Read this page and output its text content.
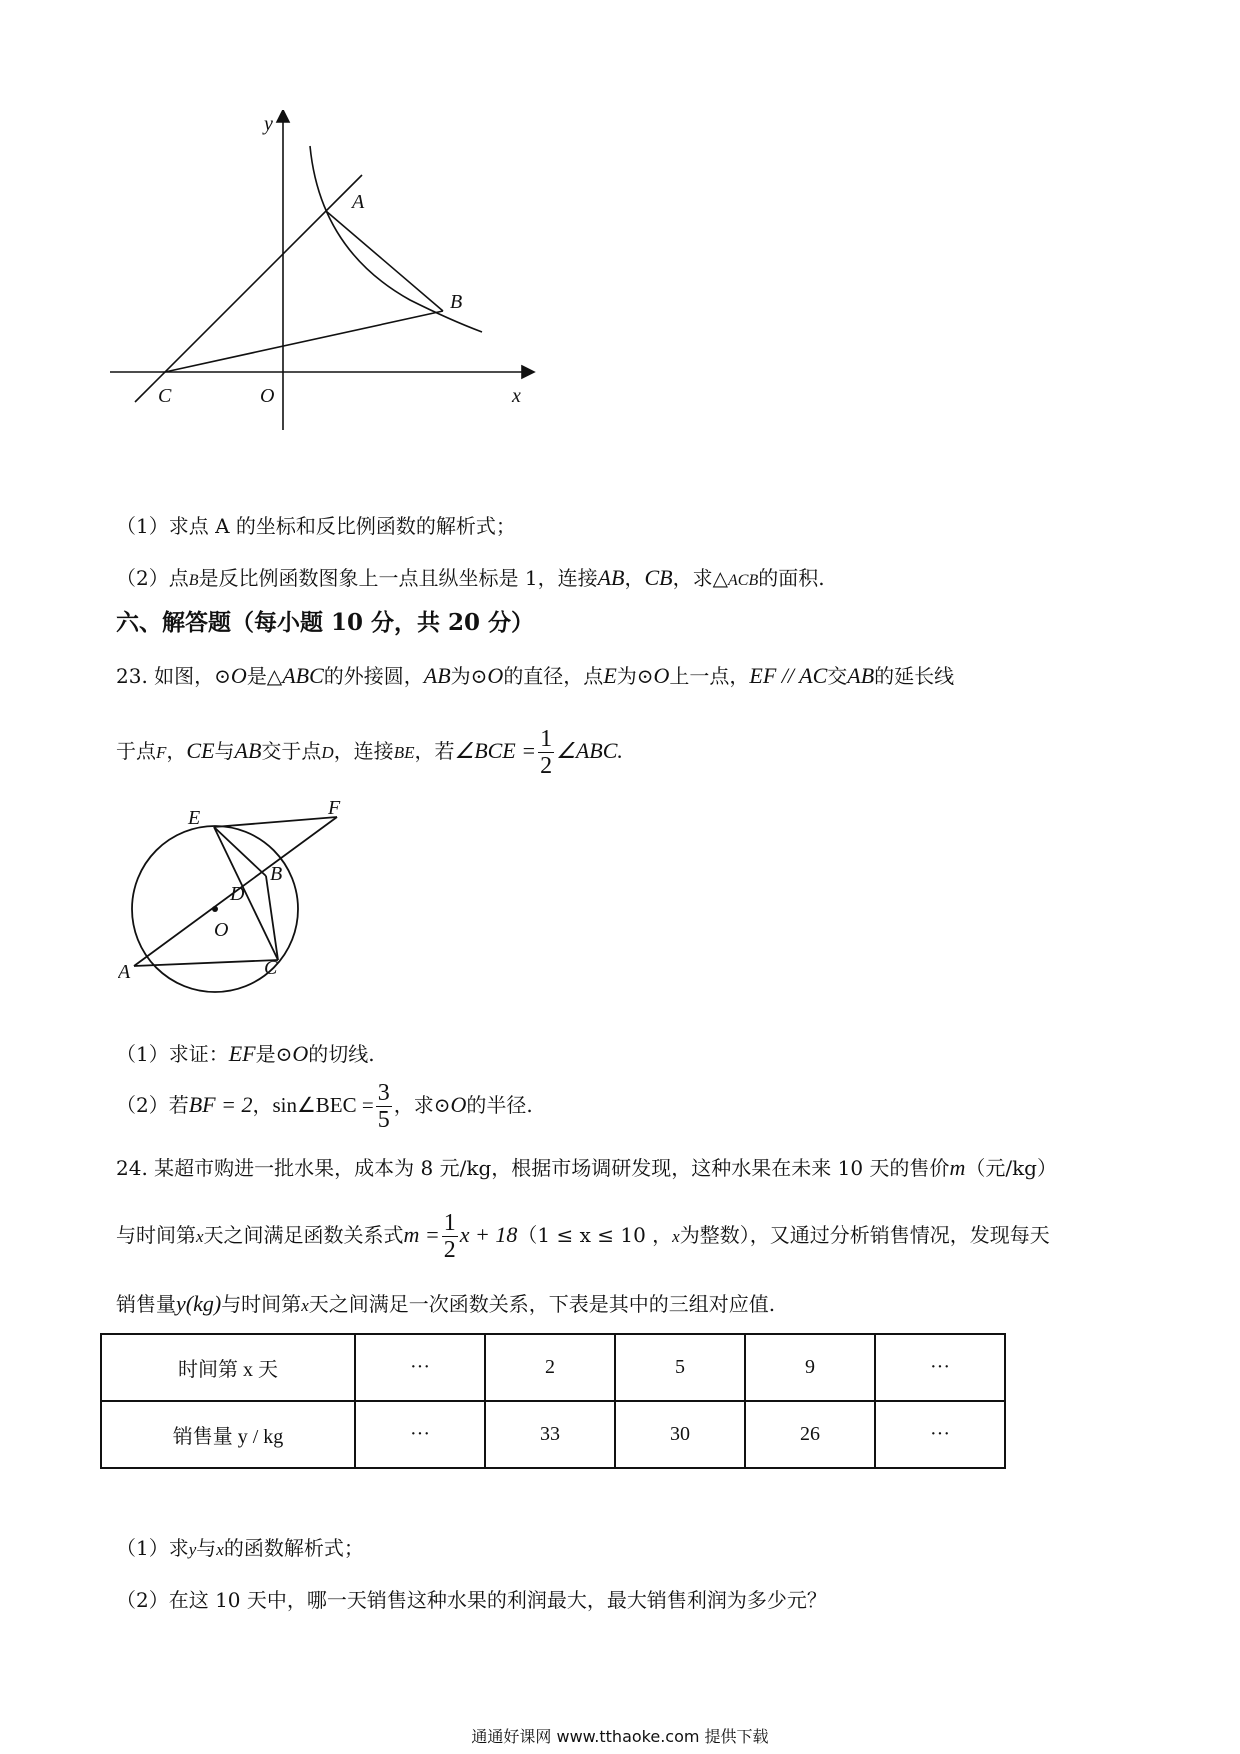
y
x
A
B
C	O
（1）求点 A 的坐标和反比例函数的解析式；
（2）点B是反比例函数图象上一点且纵坐标是 1，连接AB，CB，求△ACB的面积.
六、解答题（每小题 10 分，共 20 分）
23. 如图，⊙O是△ABC的外接圆，AB为⊙O的直径，点E为⊙O上一点，EF // AC交AB的延长线
于点F，CE与AB交于点D，连接BE，若∠BCE = $\frac{1}{2}$ ∠ABC.
E	F
B
D
O
A	C
（1）求证：EF是⊙O的切线.
（2）若BF = 2，sin∠BEC = $\frac{3}{5}$ ，求⊙O的半径.
24. 某超市购进一批水果，成本为 8 元/kg，根据市场调研发现，这种水果在未来 10 天的售价m（元/kg）
与时间第x天之间满足函数关系式$m = \frac{1}{2}$ x + 18（1 ≤ x ≤ 10 ，x为整数），又通过分析销售情况，发现每天
销售量y(kg)与时间第x天之间满足一次函数关系，下表是其中的三组对应值.
时间第 x 天	···	2	5	9	···
销售量 y / kg	···	33	30	26	···
（1）求y与x的函数解析式；
（2）在这 10 天中，哪一天销售这种水果的利润最大，最大销售利润为多少元？
通通好课网 www.tthaoke.com 提供下载
